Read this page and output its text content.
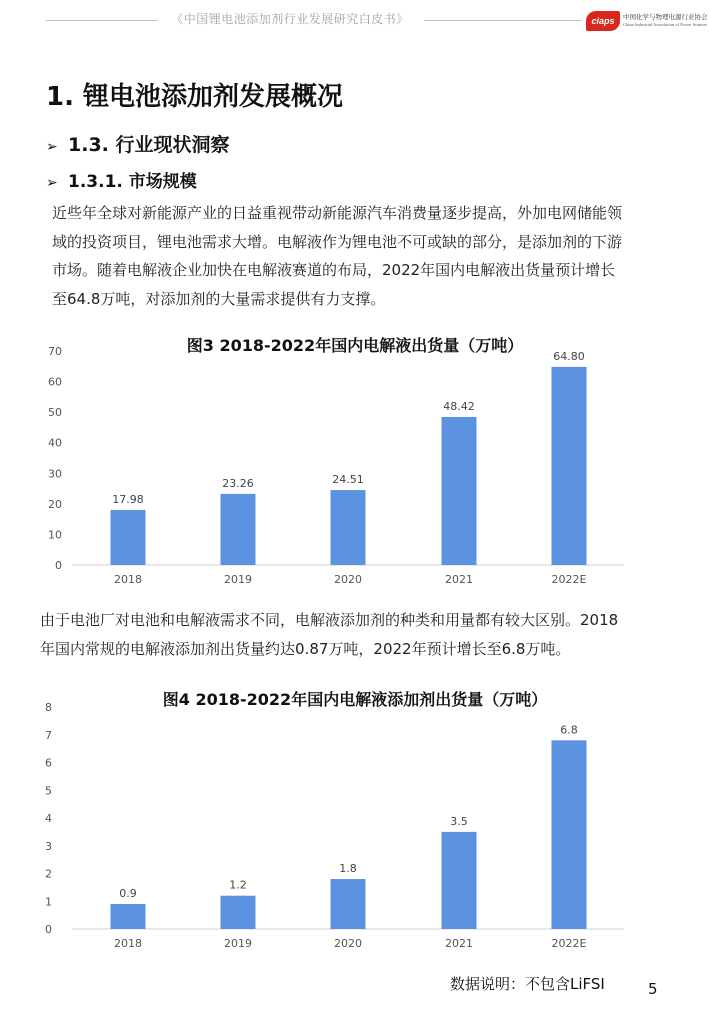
《中国锂电池添加剂行业发展研究白皮书》	ciaps	中国化学与物理电源行业协会
China Industrial Association of Power Sources
1. 锂电池添加剂发展概况
➢ 1.3. 行业现状洞察
➢ 1.3.1. 市场规模
近些年全球对新能源产业的日益重视带动新能源汽车消费量逐步提高，外加电网储能领
域的投资项目，锂电池需求大增。电解液作为锂电池不可或缺的部分，是添加剂的下游
市场。随着电解液企业加快在电解液赛道的布局，2022年国内电解液出货量预计增长
至64.8万吨，对添加剂的大量需求提供有力支撑。
图3 2018-2022年国内电解液出货量（万吨）
0
10
20
30
40
50
60
70
17.98
2018
23.26
2019
24.51
2020
48.42
2021
64.80
2022E
由于电池厂对电池和电解液需求不同，电解液添加剂的种类和用量都有较大区别。2018
年国内常规的电解液添加剂出货量约达0.87万吨，2022年预计增长至6.8万吨。
图4 2018-2022年国内电解液添加剂出货量（万吨）
0
1
2
3
4
5
6
7
8
0.9
2018
1.2
2019
1.8
2020
3.5
2021
6.8
2022E
数据说明：不包含LiFSI	5
